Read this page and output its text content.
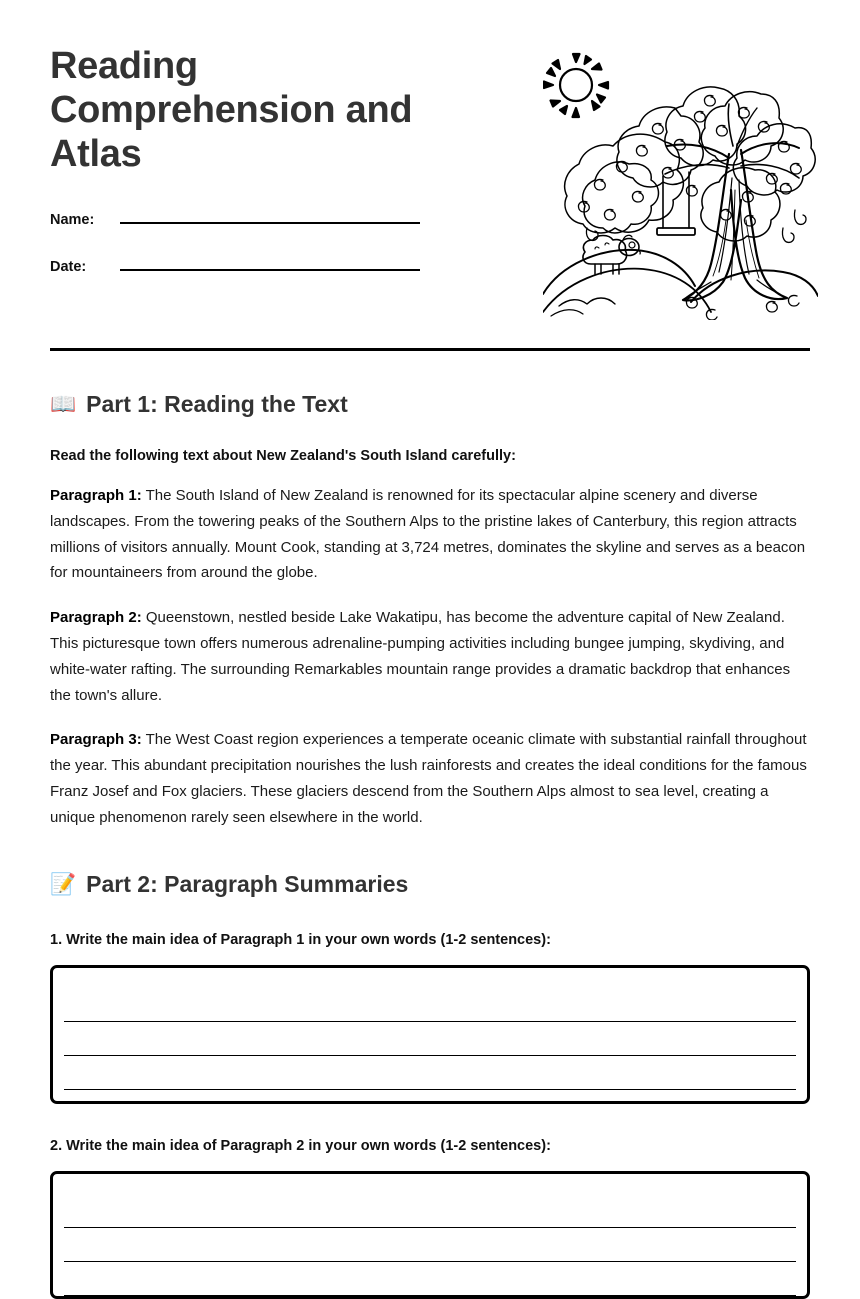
Reading Comprehension and Atlas
Name:
Date:
📖 Part 1: Reading the Text

Read the following text about New Zealand's South Island carefully:

Paragraph 1: The South Island of New Zealand is renowned for its spectacular alpine scenery and diverse landscapes. From the towering peaks of the Southern Alps to the pristine lakes of Canterbury, this region attracts millions of visitors annually. Mount Cook, standing at 3,724 metres, dominates the skyline and serves as a beacon for mountaineers from around the globe.

Paragraph 2: Queenstown, nestled beside Lake Wakatipu, has become the adventure capital of New Zealand. This picturesque town offers numerous adrenaline-pumping activities including bungee jumping, skydiving, and white-water rafting. The surrounding Remarkables mountain range provides a dramatic backdrop that enhances the town's allure.

Paragraph 3: The West Coast region experiences a temperate oceanic climate with substantial rainfall throughout the year. This abundant precipitation nourishes the lush rainforests and creates the ideal conditions for the famous Franz Josef and Fox glaciers. These glaciers descend from the Southern Alps almost to sea level, creating a unique phenomenon rarely seen elsewhere in the world.

📝 Part 2: Paragraph Summaries

1. Write the main idea of Paragraph 1 in your own words (1-2 sentences):

2. Write the main idea of Paragraph 2 in your own words (1-2 sentences):
